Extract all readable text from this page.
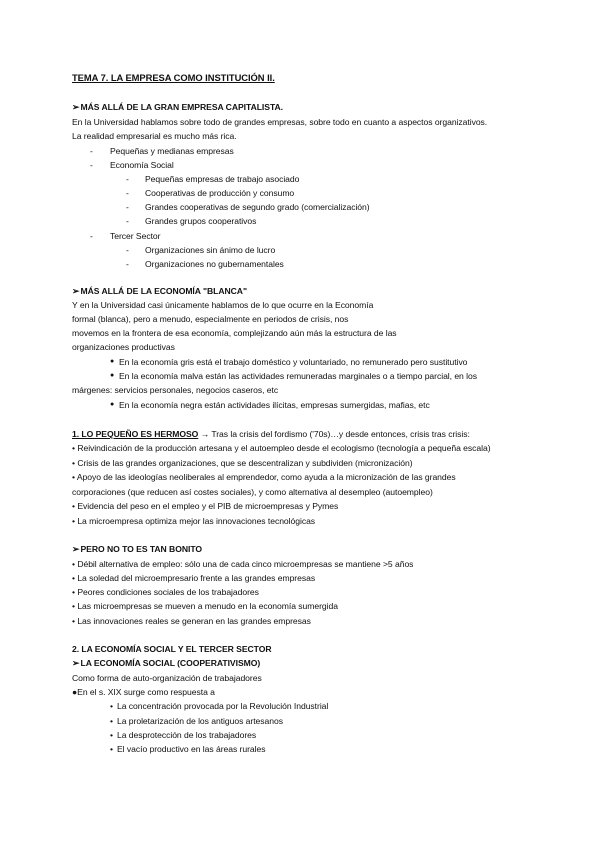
TEMA 7. LA EMPRESA COMO INSTITUCIÓN II.
➢MÁS ALLÁ DE LA GRAN EMPRESA CAPITALISTA.
En la Universidad hablamos sobre todo de grandes empresas, sobre todo en cuanto a aspectos organizativos.
La realidad empresarial es mucho más rica.
- Pequeñas y medianas empresas
- Economía Social
- Pequeñas empresas de trabajo asociado
- Cooperativas de producción y consumo
- Grandes cooperativas de segundo grado (comercialización)
- Grandes grupos cooperativos
- Tercer Sector
- Organizaciones sin ánimo de lucro
- Organizaciones no gubernamentales
➢MÁS ALLÁ DE LA ECONOMÍA "BLANCA"
Y en la Universidad casi únicamente hablamos de lo que ocurre en la Economía
formal (blanca), pero a menudo, especialmente en periodos de crisis, nos
movemos en la frontera de esa economía, complejizando aún más la estructura de las
organizaciones productivas
● En la economía gris está el trabajo doméstico y voluntariado, no remunerado pero sustitutivo
● En la economía malva están las actividades remuneradas marginales o a tiempo parcial, en los
márgenes: servicios personales, negocios caseros, etc
● En la economía negra están actividades ilícitas, empresas sumergidas, mafias, etc
1. LO PEQUEÑO ES HERMOSO → Tras la crisis del fordismo ('70s)…y desde entonces, crisis tras crisis:
• Reivindicación de la producción artesana y el autoempleo desde el ecologismo (tecnología a pequeña escala)
• Crisis de las grandes organizaciones, que se descentralizan y subdividen (micronización)
• Apoyo de las ideologías neoliberales al emprendedor, como ayuda a la micronización de las grandes
corporaciones (que reducen así costes sociales), y como alternativa al desempleo (autoempleo)
• Evidencia del peso en el empleo y el PIB de microempresas y Pymes
• La microempresa optimiza mejor las innovaciones tecnológicas
➢PERO NO TO ES TAN BONITO
• Débil alternativa de empleo: sólo una de cada cinco microempresas se mantiene >5 años
• La soledad del microempresario frente a las grandes empresas
• Peores condiciones sociales de los trabajadores
• Las microempresas se mueven a menudo en la economía sumergida
• Las innovaciones reales se generan en las grandes empresas
2. LA ECONOMÍA SOCIAL Y EL TERCER SECTOR
➢LA ECONOMÍA SOCIAL (COOPERATIVISMO)
Como forma de auto-organización de trabajadores
●En el s. XIX surge como respuesta a
• La concentración provocada por la Revolución Industrial
• La proletarización de los antiguos artesanos
• La desprotección de los trabajadores
• El vacío productivo en las áreas rurales
